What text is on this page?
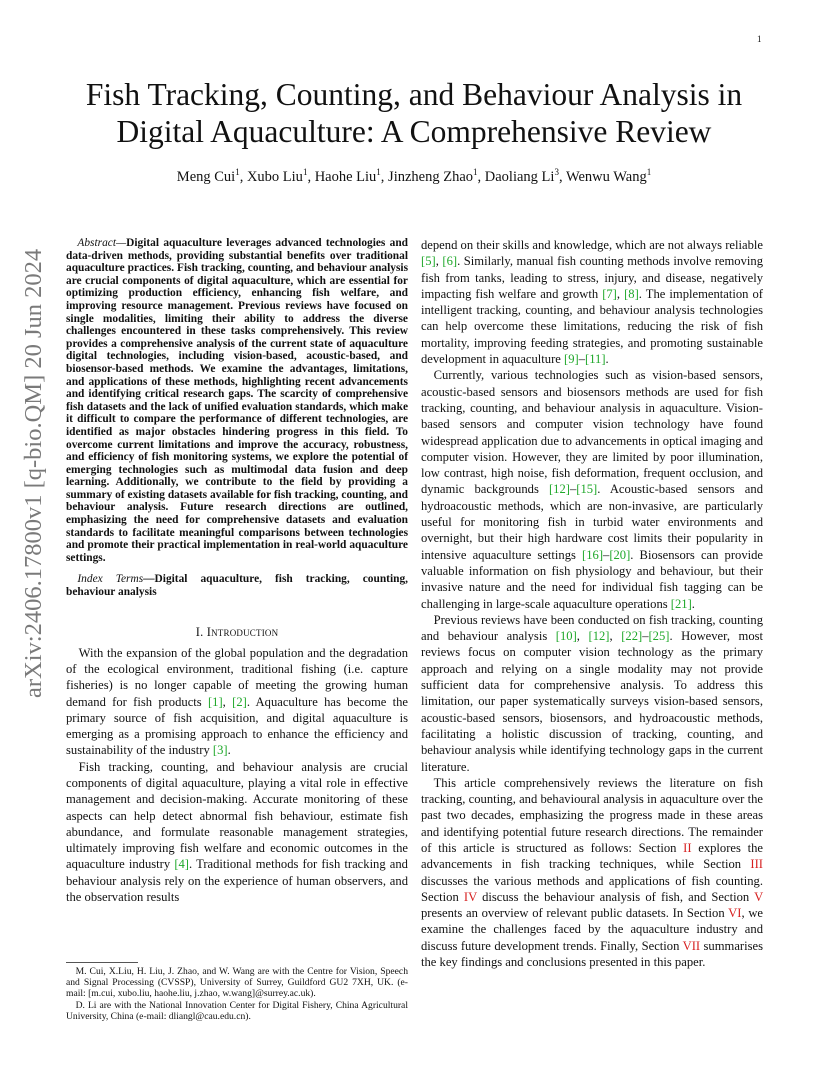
1
arXiv:2406.17800v1 [q-bio.QM] 20 Jun 2024
Fish Tracking, Counting, and Behaviour Analysis in
Digital Aquaculture: A Comprehensive Review
Meng Cui$^1$, Xubo Liu$^1$, Haohe Liu$^1$, Jinzheng Zhao$^1$, Daoliang Li$^3$, Wenwu Wang$^1$

Abstract—Digital aquaculture leverages advanced technologies and data-driven methods, providing substantial benefits over traditional aquaculture practices. Fish tracking, counting, and behaviour analysis are crucial components of digital aquaculture, which are essential for optimizing production efficiency, enhancing fish welfare, and improving resource management. Previous reviews have focused on single modalities, limiting their ability to address the diverse challenges encountered in these tasks comprehensively. This review provides a comprehensive analysis of the current state of aquaculture digital technologies, including vision-based, acoustic-based, and biosensor-based methods. We examine the advantages, limitations, and applications of these methods, highlighting recent advancements and identifying critical research gaps. The scarcity of comprehensive fish datasets and the lack of unified evaluation standards, which make it difficult to compare the performance of different technologies, are identified as major obstacles hindering progress in this field. To overcome current limitations and improve the accuracy, robustness, and efficiency of fish monitoring systems, we explore the potential of emerging technologies such as multimodal data fusion and deep learning. Additionally, we contribute to the field by providing a summary of existing datasets available for fish tracking, counting, and behaviour analysis. Future research directions are outlined, emphasizing the need for comprehensive datasets and evaluation standards to facilitate meaningful comparisons between technologies and promote their practical implementation in real-world aquaculture settings.

Index Terms—Digital aquaculture, fish tracking, counting, behaviour analysis

I. Introduction

With the expansion of the global population and the degradation of the ecological environment, traditional fishing (i.e. capture fisheries) is no longer capable of meeting the growing human demand for fish products [1], [2]. Aquaculture has become the primary source of fish acquisition, and digital aquaculture is emerging as a promising approach to enhance the efficiency and sustainability of the industry [3].

Fish tracking, counting, and behaviour analysis are crucial components of digital aquaculture, playing a vital role in effective management and decision-making. Accurate monitoring of these aspects can help detect abnormal fish behaviour, estimate fish abundance, and formulate reasonable management strategies, ultimately improving fish welfare and economic outcomes in the aquaculture industry [4]. Traditional methods for fish tracking and behaviour analysis rely on the experience of human observers, and the observation results

M. Cui, X.Liu, H. Liu, J. Zhao, and W. Wang are with the Centre for Vision, Speech and Signal Processing (CVSSP), University of Surrey, Guildford GU2 7XH, UK. (e-mail: [m.cui, xubo.liu, haohe.liu, j.zhao, w.wang]@surrey.ac.uk).

D. Li are with the National Innovation Center for Digital Fishery, China Agricultural University, China (e-mail: dliangl@cau.edu.cn).

depend on their skills and knowledge, which are not always reliable [5], [6]. Similarly, manual fish counting methods involve removing fish from tanks, leading to stress, injury, and disease, negatively impacting fish welfare and growth [7], [8]. The implementation of intelligent tracking, counting, and behaviour analysis technologies can help overcome these limitations, reducing the risk of fish mortality, improving feeding strategies, and promoting sustainable development in aquaculture [9]–[11].

Currently, various technologies such as vision-based sensors, acoustic-based sensors and biosensors methods are used for fish tracking, counting, and behaviour analysis in aquaculture. Vision-based sensors and computer vision technology have found widespread application due to advancements in optical imaging and computer vision. However, they are limited by poor illumination, low contrast, high noise, fish deformation, frequent occlusion, and dynamic backgrounds [12]–[15]. Acoustic-based sensors and hydroacoustic methods, which are non-invasive, are particularly useful for monitoring fish in turbid water environments and overnight, but their high hardware cost limits their popularity in intensive aquaculture settings [16]–[20]. Biosensors can provide valuable information on fish physiology and behaviour, but their invasive nature and the need for individual fish tagging can be challenging in large-scale aquaculture operations [21].

Previous reviews have been conducted on fish tracking, counting and behaviour analysis [10], [12], [22]–[25]. However, most reviews focus on computer vision technology as the primary approach and relying on a single modality may not provide sufficient data for comprehensive analysis. To address this limitation, our paper systematically surveys vision-based sensors, acoustic-based sensors, biosensors, and hydroacoustic methods, facilitating a holistic discussion of tracking, counting, and behaviour analysis while identifying technology gaps in the current literature.

This article comprehensively reviews the literature on fish tracking, counting, and behavioural analysis in aquaculture over the past two decades, emphasizing the progress made in these areas and identifying potential future research directions. The remainder of this article is structured as follows: Section II explores the advancements in fish tracking techniques, while Section III discusses the various methods and applications of fish counting. Section IV discuss the behaviour analysis of fish, and Section V presents an overview of relevant public datasets. In Section VI, we examine the challenges faced by the aquaculture industry and discuss future development trends. Finally, Section VII summarises the key findings and conclusions presented in this paper.
